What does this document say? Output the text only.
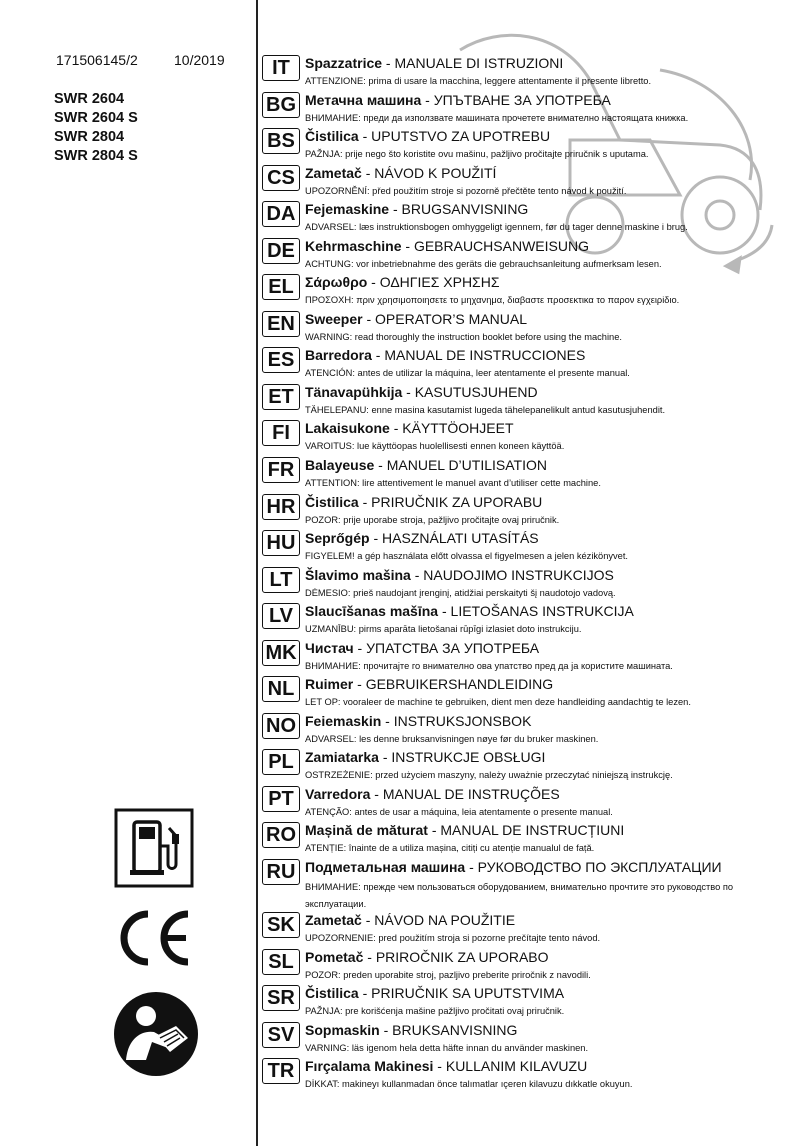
171506145/2	10/2019
SWR 2604
SWR 2604 S
SWR 2804
SWR 2804 S
IT	Spazzatrice - MANUALE DI ISTRUZIONI
ATTENZIONE: prima di usare la macchina, leggere attentamente il presente libretto.
BG Метачна машина - УПЪТВАНЕ ЗА УПОТРЕБА
ВНИМАНИЕ: преди да използвате машината прочетете внимателно настоящата книжка.
BS Čistilica - UPUTSTVO ZA UPOTREBU
PAŽNJA: prije nego što koristite ovu mašinu, pažljivo pročitajte priručnik s uputama.
CS Zametač - NÁVOD K POUŽITÍ
UPOZORNĚNÍ: před použitím stroje si pozorně přečtěte tento návod k použití.
DA Fejemaskine - BRUGSANVISNING
ADVARSEL: læs instruktionsbogen omhyggeligt igennem, før du tager denne maskine i brug.
DE Kehrmaschine - GEBRAUCHSANWEISUNG
ACHTUNG: vor inbetriebnahme des geräts die gebrauchsanleitung aufmerksam lesen.
EL Σάρωθρο - ΟΔΗΓΙΕΣ ΧΡΗΣΗΣ
ΠΡΟΣΟΧΗ: πριν χρησιμοποιησετε το μηχανημα, διαβαστε προσεκτικα το παρον εγχειρiδιο.
EN Sweeper - OPERATOR’S MANUAL
WARNING: read thoroughly the instruction booklet before using the machine.
ES Barredora - MANUAL DE INSTRUCCIONES
ATENCIÓN: antes de utilizar la máquina, leer atentamente el presente manual.
ET Tänavapühkija - KASUTUSJUHEND
TÄHELEPANU: enne masina kasutamist lugeda tähelepanelikult antud kasutusjuhendit.
FI	Lakaisukone - KÄYTTÖOHJEET
VAROITUS: lue käyttöopas huolellisesti ennen koneen käyttöä.
FR Balayeuse - MANUEL D’UTILISATION
ATTENTION: lire attentivement le manuel avant d’utiliser cette machine.
HR Čistilica - PRIRUČNIK ZA UPORABU
POZOR: prije uporabe stroja, pažljivo pročitajte ovaj priručnik.
HU Seprőgép - HASZNÁLATI UTASÍTÁS
FIGYELEM! a gép használata előtt olvassa el figyelmesen a jelen kézikönyvet.
LT Šlavimo mašina - NAUDOJIMO INSTRUKCIJOS
DĖMESIO: prieš naudojant įrenginį, atidžiai perskaityti šį naudotojo vadovą.
LV Slaucīšanas mašīna - LIETOŠANAS INSTRUKCIJA
UZMANĪBU: pirms aparāta lietošanai rūpīgi izlasiet doto instrukciju.
MK Чистач - УПАТСТВА ЗА УПОТРЕБА
ВНИМАНИЕ: прочитајте го внимателно ова упатство пред да ја користите машината.
NL Ruimer - GEBRUIKERSHANDLEIDING
LET OP: vooraleer de machine te gebruiken, dient men deze handleiding aandachtig te lezen.
NO Feiemaskin - INSTRUKSJONSBOK
ADVARSEL: les denne bruksanvisningen nøye før du bruker maskinen.
PL Zamiatarka - INSTRUKCJE OBSŁUGI
OSTRZEŻENIE: przed użyciem maszyny, należy uważnie przeczytać niniejszą instrukcję.
PT Varredora - MANUAL DE INSTRUÇÕES
ATENÇÃO: antes de usar a máquina, leia atentamente o presente manual.
RO Mașină de măturat - MANUAL DE INSTRUCȚIUNI
ATENȚIE: înainte de a utiliza mașina, citiți cu atenție manualul de față.
RU Подметальная машина - РУКОВОДСТВО ПО ЭКСПЛУАТАЦИИ
ВНИМАНИЕ: прежде чем пользоваться оборудованием, внимательно прочтите это руководство по эксплуатации.
SK Zametač - NÁVOD NA POUŽITIE
UPOZORNENIE: pred použitím stroja si pozorne prečítajte tento návod.
SL Pometač - PRIROČNIK ZA UPORABO
POZOR: preden uporabite stroj, pazljivo preberite priročnik z navodili.
SR Čistilica - PRIRUČNIK SA UPUTSTVIMA
PAŽNJA: pre korišćenja mašine pažljivo pročitati ovaj priručnik.
SV Sopmaskin - BRUKSANVISNING
VARNING: läs igenom hela detta häfte innan du använder maskinen.
TR Fırçalama Makinesi - KULLANIM KILAVUZU
DİKKAT: makineyı kullanmadan önce talımatlar ıçeren kilavuzu dıkkatle okuyun.
